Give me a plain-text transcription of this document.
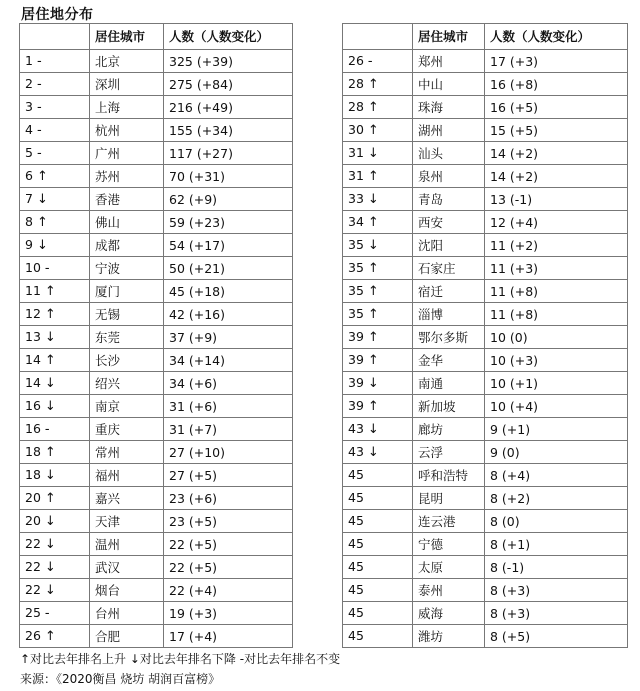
居住地分布
	居住城市	人数（人数变化）
1 -	北京	325 (+39)
2 -	深圳	275 (+84)
3 -	上海	216 (+49)
4 -	杭州	155 (+34)
5 -	广州	117 (+27)
6 ↑	苏州	70 (+31)
7 ↓	香港	62 (+9)
8 ↑	佛山	59 (+23)
9 ↓	成都	54 (+17)
10 -	宁波	50 (+21)
11 ↑	厦门	45 (+18)
12 ↑	无锡	42 (+16)
13 ↓	东莞	37 (+9)
14 ↑	长沙	34 (+14)
14 ↓	绍兴	34 (+6)
16 ↓	南京	31 (+6)
16 -	重庆	31 (+7)
18 ↑	常州	27 (+10)
18 ↓	福州	27 (+5)
20 ↑	嘉兴	23 (+6)
20 ↓	天津	23 (+5)
22 ↓	温州	22 (+5)
22 ↓	武汉	22 (+5)
22 ↓	烟台	22 (+4)
25 -	台州	19 (+3)
26 ↑	合肥	17 (+4)
	居住城市	人数（人数变化）
26 -	郑州	17 (+3)
28 ↑	中山	16 (+8)
28 ↑	珠海	16 (+5)
30 ↑	湖州	15 (+5)
31 ↓	汕头	14 (+2)
31 ↑	泉州	14 (+2)
33 ↓	青岛	13 (-1)
34 ↑	西安	12 (+4)
35 ↓	沈阳	11 (+2)
35 ↑	石家庄	11 (+3)
35 ↑	宿迁	11 (+8)
35 ↑	淄博	11 (+8)
39 ↑	鄂尔多斯	10 (0)
39 ↑	金华	10 (+3)
39 ↓	南通	10 (+1)
39 ↑	新加坡	10 (+4)
43 ↓	廊坊	9 (+1)
43 ↓	云浮	9 (0)
45	呼和浩特	8 (+4)
45	昆明	8 (+2)
45	连云港	8 (0)
45	宁德	8 (+1)
45	太原	8 (-1)
45	泰州	8 (+3)
45	威海	8 (+3)
45	潍坊	8 (+5)
↑对比去年排名上升 ↓对比去年排名下降 -对比去年排名不变
来源：《2020衡昌 烧坊 胡润百富榜》
